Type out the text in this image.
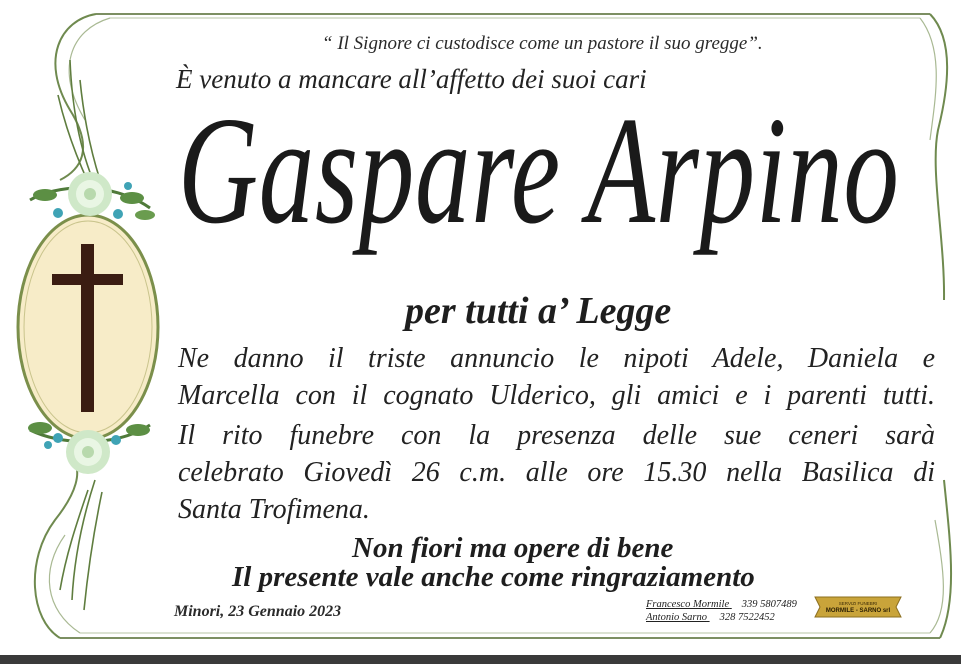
“ Il Signore ci custodisce come un pastore il suo gregge”.
È venuto a mancare all’affetto dei suoi cari
Gaspare Arpino
per tutti a’ Legge
Ne danno il triste annuncio le nipoti Adele, Daniela e
Marcella con il cognato Ulderico, gli amici e i parenti tutti.
Il rito funebre con la presenza delle sue ceneri sarà
celebrato Giovedì 26 c.m. alle ore 15.30 nella Basilica di
Santa Trofimena.
Non fiori ma opere di bene
Il presente vale anche come ringraziamento
Minori, 23 Gennaio 2023	Francesco Mormile 339 5807489
Antonio Sarno 328 7522452
SERVIZI FUNEBRI
MORMILE - SARNO srl
